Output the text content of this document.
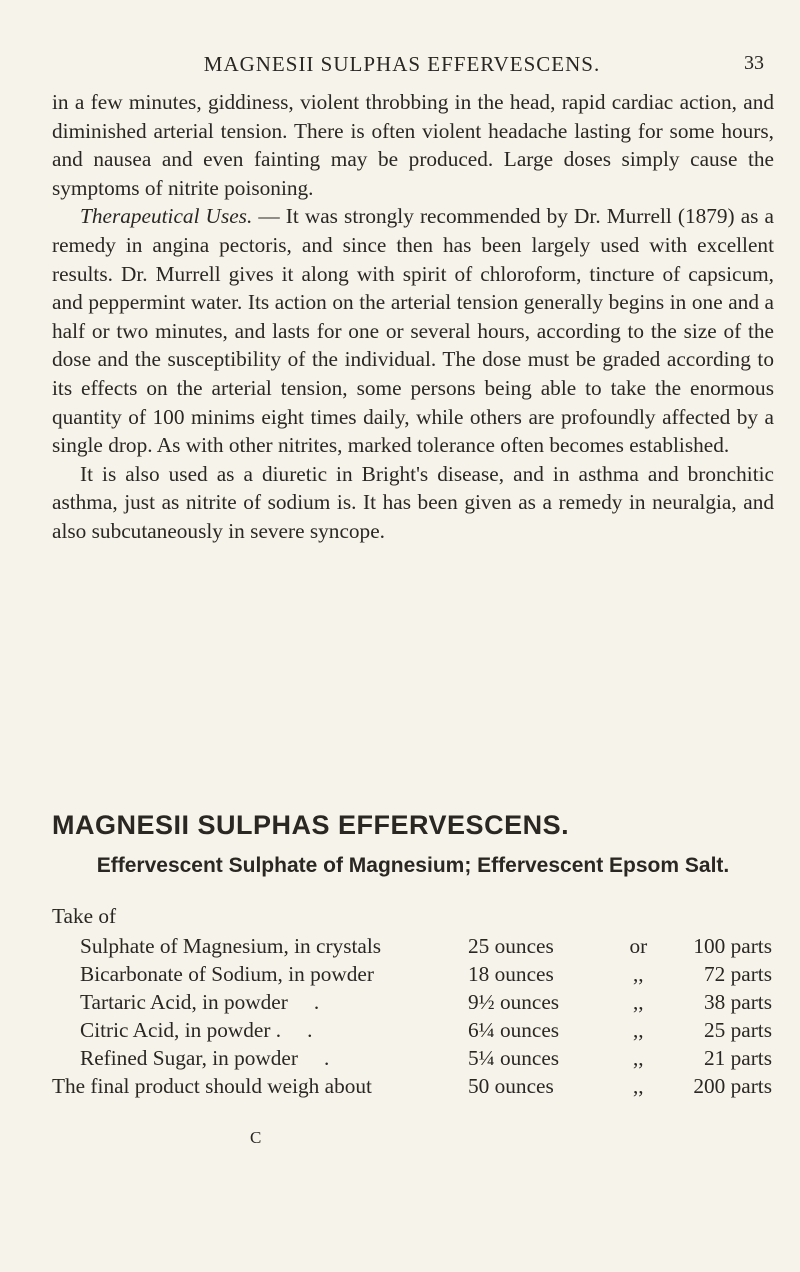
MAGNESII SULPHAS EFFERVESCENS.	33

in a few minutes, giddiness, violent throbbing in the head, rapid cardiac action, and diminished arterial tension. There is often violent headache lasting for some hours, and nausea and even fainting may be produced. Large doses simply cause the symptoms of nitrite poisoning.

Therapeutical Uses. — It was strongly recommended by Dr. Murrell (1879) as a remedy in angina pectoris, and since then has been largely used with excellent results. Dr. Murrell gives it along with spirit of chloroform, tincture of capsicum, and peppermint water. Its action on the arterial tension generally begins in one and a half or two minutes, and lasts for one or several hours, according to the size of the dose and the susceptibility of the individual. The dose must be graded according to its effects on the arterial tension, some persons being able to take the enormous quantity of 100 minims eight times daily, while others are profoundly affected by a single drop. As with other nitrites, marked tolerance often becomes established.

It is also used as a diuretic in Bright's disease, and in asthma and bronchitic asthma, just as nitrite of sodium is. It has been given as a remedy in neuralgia, and also subcutaneously in severe syncope.

MAGNESII SULPHAS EFFERVESCENS.
Effervescent Sulphate of Magnesium; Effervescent Epsom Salt.
Take of
Sulphate of Magnesium, in crystals	25 ounces	or	100 parts
Bicarbonate of Sodium, in powder	18 ounces	,,	72 parts
Tartaric Acid, in powder .	9½ ounces	,,	38 parts
Citric Acid, in powder . .	6¼ ounces	,,	25 parts
Refined Sugar, in powder .	5¼ ounces	,,	21 parts
The final product should weigh about	50 ounces	,,	200 parts
C
